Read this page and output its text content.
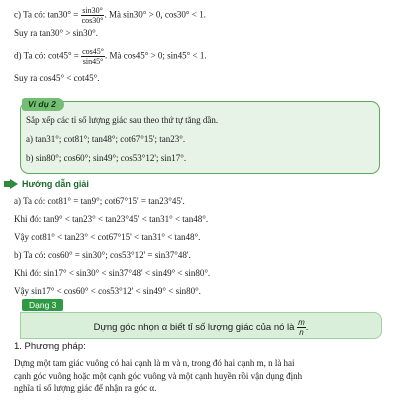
c) Ta có: $\tan 30^\circ = \frac{\sin 30^\circ}{\cos 30^\circ}$ . Mà sin30° > 0, cos30° < 1.
Suy ra tan30° > sin30°.
d) Ta có: $\cot 45^\circ = \frac{\cos 45^\circ}{\sin 45^\circ}$ . Mà cos45° > 0; sin45° < 1.
Suy ra cos45° < cot45°.
Ví dụ 2
Sắp xếp các tỉ số lượng giác sau theo thứ tự tăng dần.
a) tan31°; cot81°; tan48°; cot67°15'; tan23°.
b) sin80°; cos60°; sin49°; cos53°12'; sin17°.
Hướng dẫn giải
a) Ta có: cot81° = tan9°; cot67°15' = tan23°45'.
Khi đó: tan9° < tan23° < tan23°45' < tan31° < tan48°.
Vậy cot81° < tan23° < cot67°15' < tan31° < tan48°.
b) Ta có: cos60° = sin30°; cos53°12' = sin37°48'.
Khi đó: sin17° < sin30° < sin37°48' < sin49° < sin80°.
Vậy sin17° < cos60° < cos53°12' < sin49° < sin80°.
Dạng 3
Dựng góc nhọn α biết tỉ số lượng giác của nó là $\frac{m}{n}$ .
1. Phương pháp:
Dựng một tam giác vuông có hai cạnh là m và n, trong đó hai cạnh m, n là hai
cạnh góc vuông hoặc một cạnh góc vuông và một cạnh huyền rồi vận dụng định
nghĩa tỉ số lượng giác để nhận ra góc α.
